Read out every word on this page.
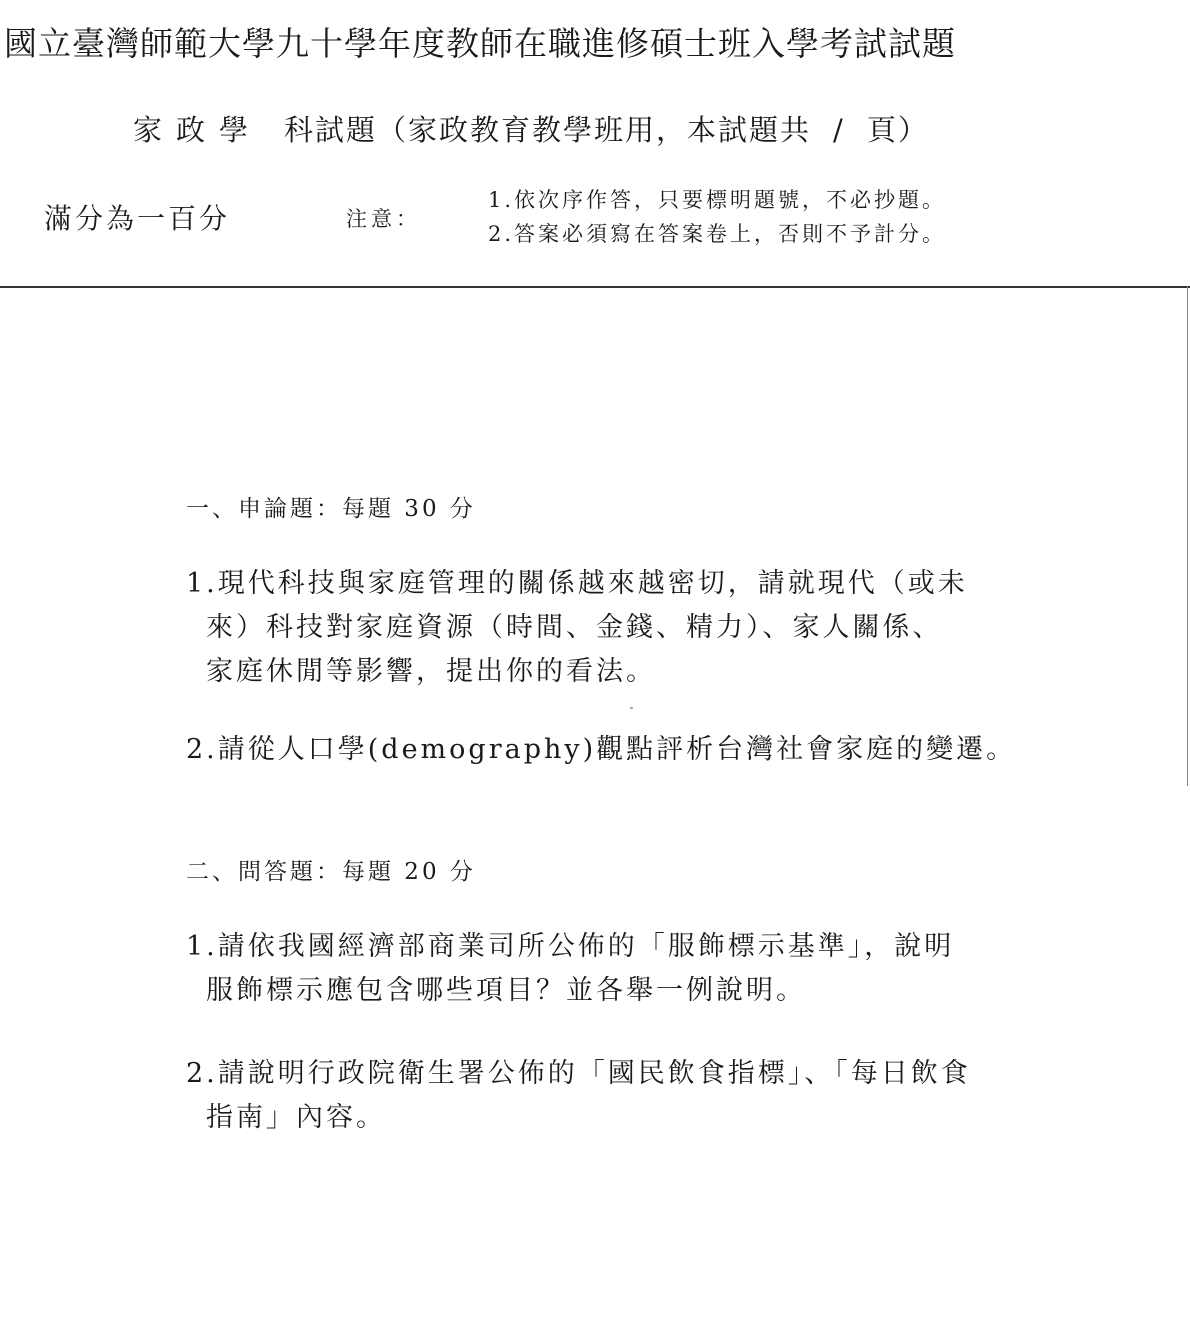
國立臺灣師範大學九十學年度教師在職進修碩士班入學考試試題
家政學 科試題（家政教育教學班用，本試題共 / 頁）
滿分為一百分	注意：
1.依次序作答，只要標明題號，不必抄題。
2.答案必須寫在答案卷上，否則不予計分。
一、申論題：每題 30 分
1.現代科技與家庭管理的關係越來越密切，請就現代（或未
來）科技對家庭資源（時間、金錢、精力）、家人關係、
家庭休閒等影響，提出你的看法。
2.請從人口學(demography)觀點評析台灣社會家庭的變遷。
二、問答題：每題 20 分
1.請依我國經濟部商業司所公佈的「服飾標示基準」，說明
服飾標示應包含哪些項目？並各舉一例說明。
2.請說明行政院衛生署公佈的「國民飲食指標」、「每日飲食
指南」內容。
